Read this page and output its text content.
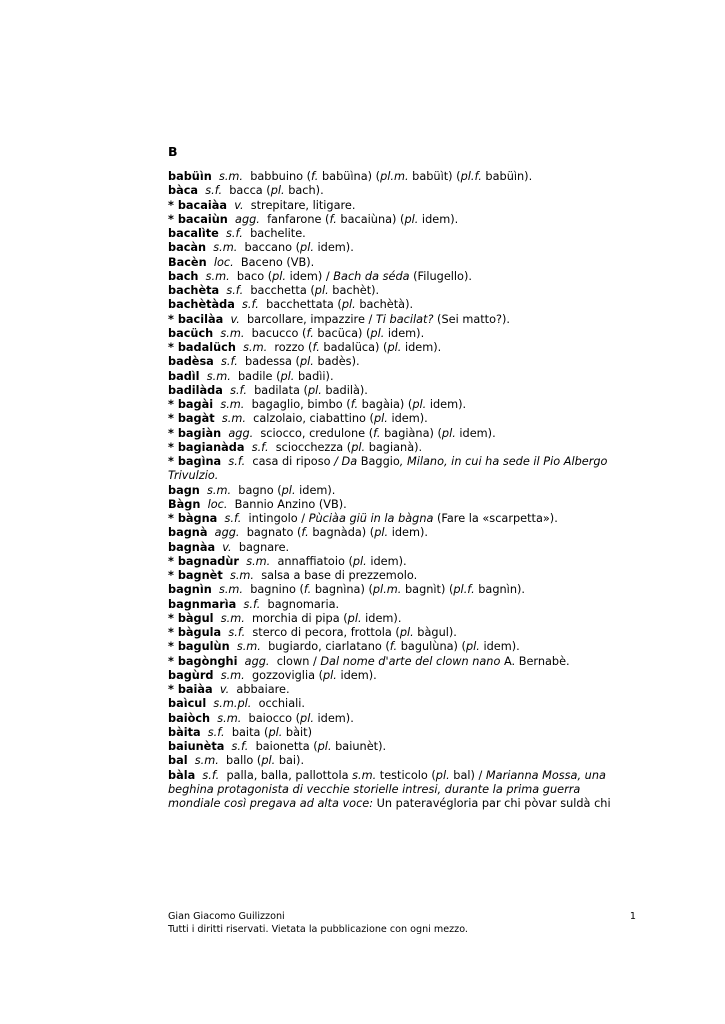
B
babüìn s.m. babbuino (f. babüìna) (pl.m. babüìt) (pl.f. babüìn).
bàca s.f. bacca (pl. bach).
* bacaiàa v. strepitare, litigare.
* bacaiùn agg. fanfarone (f. bacaiùna) (pl. idem).
bacalìte s.f. bachelite.
bacàn s.m. baccano (pl. idem).
Bacèn loc. Baceno (VB).
bach s.m. baco (pl. idem) / Bach da séda (Filugello).
bachèta s.f. bacchetta (pl. bachèt).
bachètàda s.f. bacchettata (pl. bachètà).
* bacilàa v. barcollare, impazzire / Ti bacilat? (Sei matto?).
bacüch s.m. bacucco (f. bacüca) (pl. idem).
* badalüch s.m. rozzo (f. badalüca) (pl. idem).
badèsa s.f. badessa (pl. badès).
badìl s.m. badile (pl. badìi).
badilàda s.f. badilata (pl. badilà).
* bagài s.m. bagaglio, bimbo (f. bagàia) (pl. idem).
* bagàt s.m. calzolaio, ciabattino (pl. idem).
* bagiàn agg. sciocco, credulone (f. bagiàna) (pl. idem).
* bagianàda s.f. sciocchezza (pl. bagianà).
* bagìna s.f. casa di riposo / Da Baggio, Milano, in cui ha sede il Pio Albergo Trivulzio.
bagn s.m. bagno (pl. idem).
Bàgn loc. Bannio Anzino (VB).
* bàgna s.f. intingolo / Pùciàa giü in la bàgna (Fare la «scarpetta»).
bagnà agg. bagnato (f. bagnàda) (pl. idem).
bagnàa v. bagnare.
* bagnadùr s.m. annaffiatoio (pl. idem).
* bagnèt s.m. salsa a base di prezzemolo.
bagnìn s.m. bagnino (f. bagnìna) (pl.m. bagnìt) (pl.f. bagnìn).
bagnmarìa s.f. bagnomaria.
* bàgul s.m. morchia di pipa (pl. idem).
* bàgula s.f. sterco di pecora, frottola (pl. bàgul).
* bagulùn s.m. bugiardo, ciarlatano (f. bagulùna) (pl. idem).
* bagònghi agg. clown / Dal nome d'arte del clown nano A. Bernabè.
bagùrd s.m. gozzoviglia (pl. idem).
* baiàa v. abbaiare.
baìcul s.m.pl. occhiali.
baiòch s.m. baiocco (pl. idem).
bàita s.f. baita (pl. bàit)
baiunèta s.f. baionetta (pl. baiunèt).
bal s.m. ballo (pl. bai).
bàla s.f. palla, balla, pallottola s.m. testicolo (pl. bal) / Marianna Mossa, una beghina protagonista di vecchie storielle intresi, durante la prima guerra mondiale così pregava ad alta voce: Un pateravégloria par chi pòvar suldà chi
Gian Giacomo Guilizzoni	1
Tutti i diritti riservati. Vietata la pubblicazione con ogni mezzo.
